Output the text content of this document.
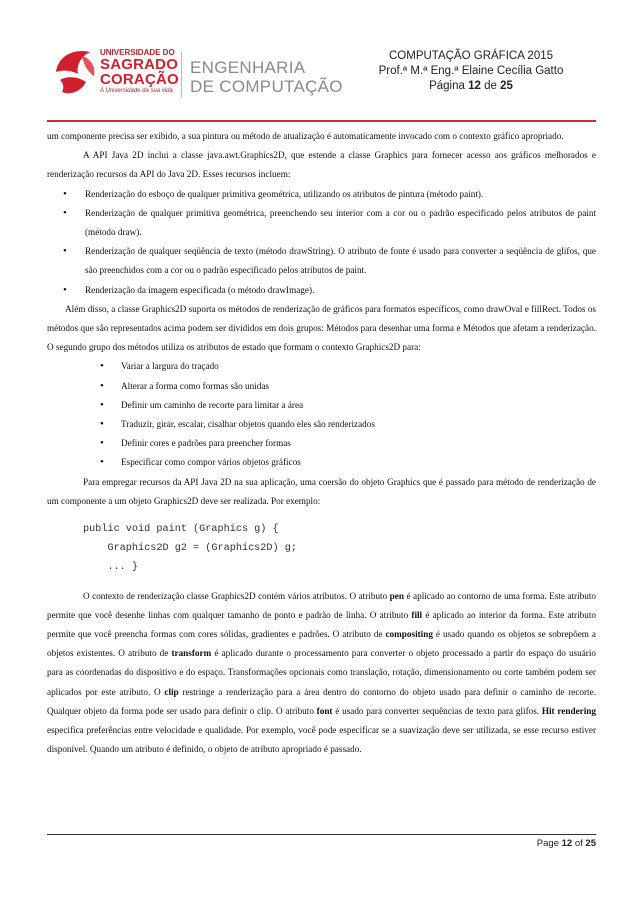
UNIVERSIDADE DO
SAGRADO
CORAÇÃO
A Universidade da sua vida
ENGENHARIA
DE COMPUTAÇÃO
COMPUTAÇÃO GRÁFICA 2015
Prof.ª M.ª Eng.ª Elaine Cecília Gatto
Página 12 de 25

um componente precisa ser exibido, a sua pintura ou método de atualização é automaticamente invocado com o contexto gráfico apropriado.

A API Java 2D inclui a classe java.awt.Graphics2D, que estende a classe Graphics para fornecer acesso aos gráficos melhorados e renderização recursos da API do Java 2D. Esses recursos incluem:

• Renderização do esboço de qualquer primitiva geométrica, utilizando os atributos de pintura (método paint).
• Renderização de qualquer primitiva geométrica, preenchendo seu interior com a cor ou o padrão especificado pelos atributos de paint (método draw).
• Renderização de qualquer seqüência de texto (método drawString). O atributo de fonte é usado para converter a seqüência de glifos, que são preenchidos com a cor ou o padrão especificado pelos atributos de paint.
• Renderização da imagem especificada (o método drawImage).

Além disso, a classe Graphics2D suporta os métodos de renderização de gráficos para formatos específicos, como drawOval e fillRect. Todos os métodos que são representados acima podem ser divididos em dois grupos: Métodos para desenhar uma forma e Métodos que afetam a renderização. O segundo grupo dos métodos utiliza os atributos de estado que formam o contexto Graphics2D para:

• Variar a largura do traçado
• Alterar a forma como formas são unidas
• Definir um caminho de recorte para limitar a área
• Traduzir, girar, escalar, cisalhar objetos quando eles são renderizados
• Definir cores e padrões para preencher formas
• Especificar como compor vários objetos gráficos

Para empregar recursos da API Java 2D na sua aplicação, uma coersão do objeto Graphics que é passado para método de renderização de um componente a um objeto Graphics2D deve ser realizada. Por exemplo:

public void paint (Graphics g) {
Graphics2D g2 = (Graphics2D) g;
... }

O contexto de renderização classe Graphics2D contém vários atributos. O atributo pen é aplicado ao contorno de uma forma. Este atributo permite que você desenhe linhas com qualquer tamanho de ponto e padrão de linha. O atributo fill é aplicado ao interior da forma. Este atributo permite que você preencha formas com cores sólidas, gradientes e padrões. O atributo de compositing é usado quando os objetos se sobrepõem a objetos existentes. O atributo de transform é aplicado durante o processamento para converter o objeto processado a partir do espaço do usuário para as coordenadas do dispositivo e do espaço. Transformações opcionais como translação, rotação, dimensionamento ou corte também podem ser aplicados por este atributo. O clip restringe a renderização para a área dentro do contorno do objeto usado para definir o caminho de recorte. Qualquer objeto da forma pode ser usado para definir o clip. O atributo font é usado para converter sequências de texto para glifos. Hit rendering especifica preferências entre velocidade e qualidade. Por exemplo, você pode especificar se a suavização deve ser utilizada, se esse recurso estiver disponível. Quando um atributo é definido, o objeto de atributo apropriado é passado.

Page 12 of 25
